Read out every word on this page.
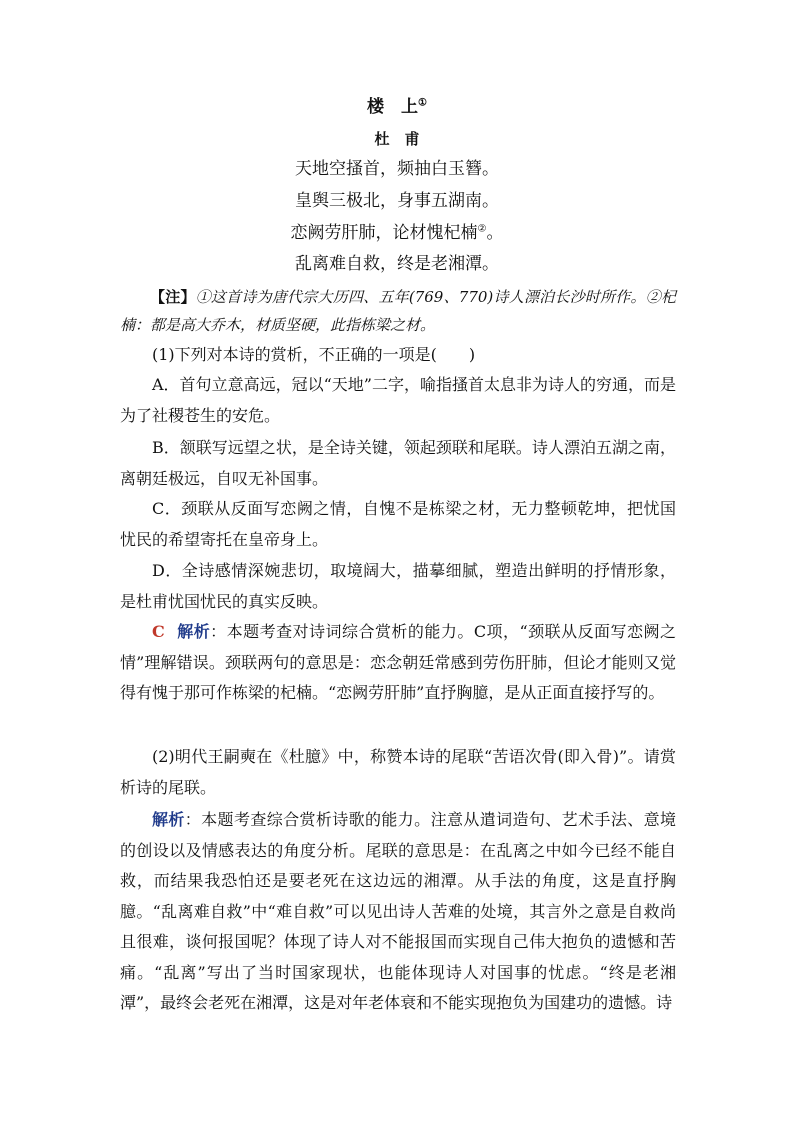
楼　上①
杜　甫
天地空搔首，频抽白玉簪。
皇舆三极北，身事五湖南。
恋阙劳肝肺，论材愧杞楠②。
乱离难自救，终是老湘潭。
【注】①这首诗为唐代宗大历四、五年(769、770)诗人漂泊长沙时所作。②杞楠：都是高大乔木，材质坚硬，此指栋梁之材。
(1)下列对本诗的赏析，不正确的一项是(　　)
A．首句立意高远，冠以“天地”二字，喻指搔首太息非为诗人的穷通，而是为了社稷苍生的安危。
B．颔联写远望之状，是全诗关键，领起颈联和尾联。诗人漂泊五湖之南，离朝廷极远，自叹无补国事。
C．颈联从反面写恋阙之情，自愧不是栋梁之材，无力整顿乾坤，把忧国忧民的希望寄托在皇帝身上。
D．全诗感情深婉悲切，取境阔大，描摹细腻，塑造出鲜明的抒情形象，是杜甫忧国忧民的真实反映。
C 解析：本题考查对诗词综合赏析的能力。C项，“颈联从反面写恋阙之情”理解错误。颈联两句的意思是：恋念朝廷常感到劳伤肝肺，但论才能则又觉得有愧于那可作栋梁的杞楠。“恋阙劳肝肺”直抒胸臆，是从正面直接抒写的。
(2)明代王嗣奭在《杜臆》中，称赞本诗的尾联“苦语次骨(即入骨)”。请赏析诗的尾联。
解析：本题考查综合赏析诗歌的能力。注意从遣词造句、艺术手法、意境的创设以及情感表达的角度分析。尾联的意思是：在乱离之中如今已经不能自救，而结果我恐怕还是要老死在这边远的湘潭。从手法的角度，这是直抒胸臆。“乱离难自救”中“难自救”可以见出诗人苦难的处境，其言外之意是自救尚且很难，谈何报国呢？体现了诗人对不能报国而实现自己伟大抱负的遗憾和苦痛。“乱离”写出了当时国家现状，也能体现诗人对国事的忧虑。“终是老湘潭”，最终会老死在湘潭，这是对年老体衰和不能实现抱负为国建功的遗憾。诗
